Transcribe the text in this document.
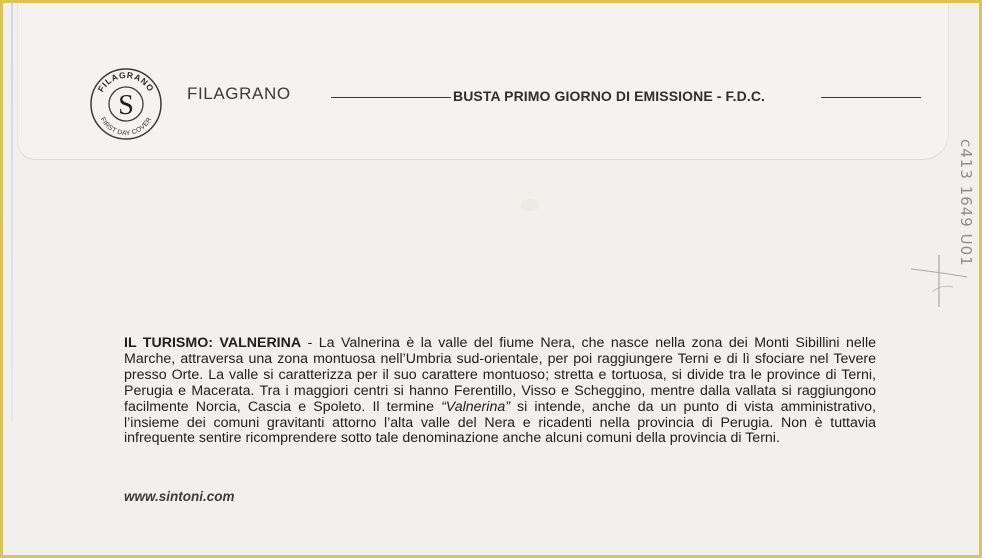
FILAGRANO
FIRST DAY COVER
S	FILAGRANO	BUSTA PRIMO GIORNO DI EMISSIONE - F.D.C.
c413 1649 U01
IL TURISMO: VALNERINA - La Valnerina è la valle del fiume Nera, che nasce nella zona dei Monti Sibillini nelle Marche, attraversa una zona montuosa nell’Umbria sud-orientale, per poi raggiungere Terni e di lì sfociare nel Tevere presso Orte. La valle si caratterizza per il suo carattere montuoso; stretta e tortuosa, si divide tra le province di Terni, Perugia e Macerata. Tra i maggiori centri si hanno Ferentillo, Visso e Scheggino, mentre dalla vallata si raggiungono facilmente Norcia, Cascia e Spoleto. Il termine “Valnerina” si intende, anche da un punto di vista amministrativo, l’insieme dei comuni gravitanti attorno l’alta valle del Nera e ricadenti nella provincia di Perugia. Non è tuttavia infrequente sentire ricomprendere sotto tale denominazione anche alcuni comuni della provincia di Terni.
www.sintoni.com
